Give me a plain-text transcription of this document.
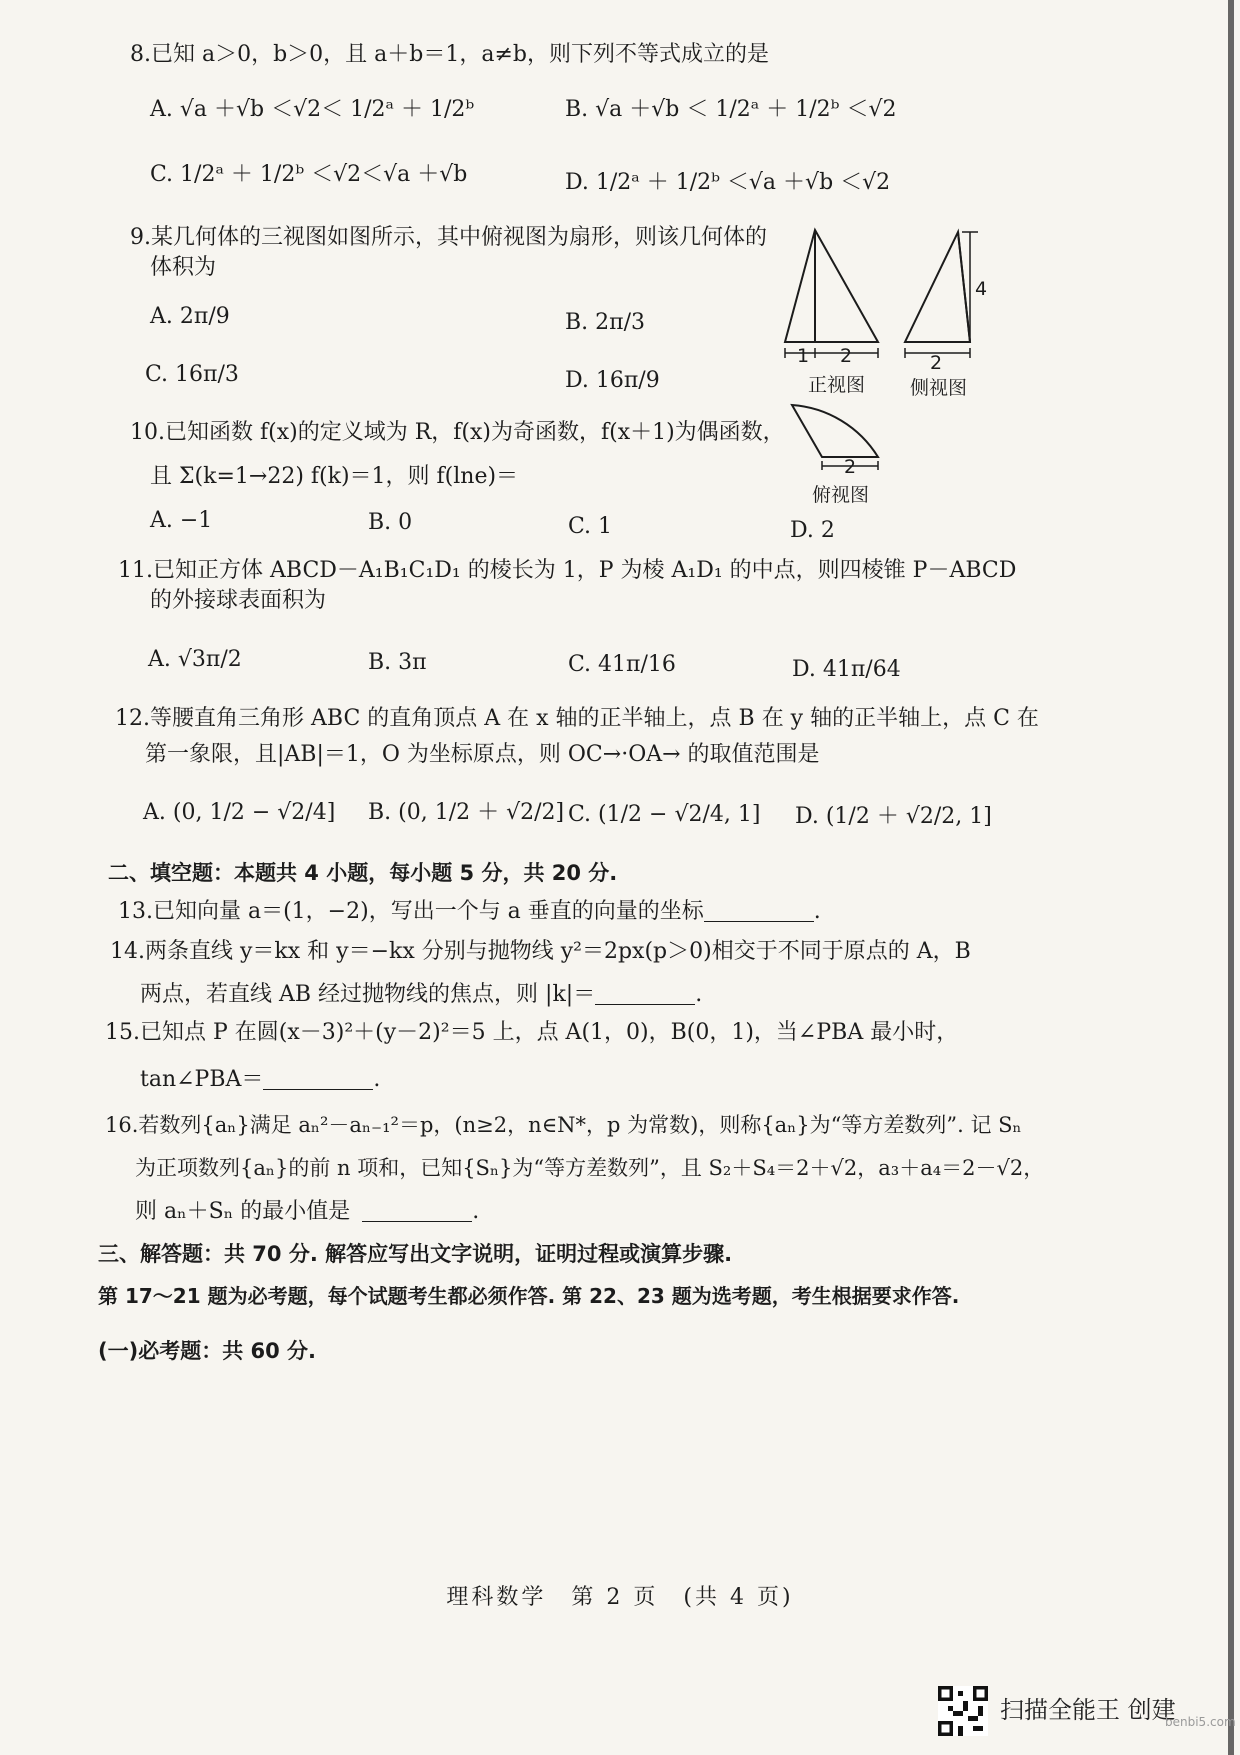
8.已知 a＞0，b＞0，且 a＋b＝1，a≠b，则下列不等式成立的是
A. √a ＋√b ＜√2＜ 1/2ᵃ ＋ 1/2ᵇ	B. √a ＋√b ＜ 1/2ᵃ ＋ 1/2ᵇ ＜√2
C. 1/2ᵃ ＋ 1/2ᵇ ＜√2＜√a ＋√b	D. 1/2ᵃ ＋ 1/2ᵇ ＜√a ＋√b ＜√2
9.某几何体的三视图如图所示，其中俯视图为扇形，则该几何体的
体积为
A. 2π/9	B. 2π/3
C. 16π/3	D. 16π/9
1 2	2
4
正视图 侧视图
2
俯视图
10.已知函数 f(x)的定义域为 R，f(x)为奇函数，f(x＋1)为偶函数，
且 Σ(k=1→22) f(k)＝1，则 f(lne)＝
A. −1	B. 0	C. 1	D. 2
11.已知正方体 ABCD－A₁B₁C₁D₁ 的棱长为 1，P 为棱 A₁D₁ 的中点，则四棱锥 P－ABCD
的外接球表面积为
A. √3π/2	B. 3π	C. 41π/16	D. 41π/64
12.等腰直角三角形 ABC 的直角顶点 A 在 x 轴的正半轴上，点 B 在 y 轴的正半轴上，点 C 在
第一象限，且|AB|＝1，O 为坐标原点，则 OC→·OA→ 的取值范围是
A. (0, 1/2 − √2/4] B. (0, 1/2 ＋ √2/2] C. (1/2 − √2/4, 1] D. (1/2 ＋ √2/2, 1]
二、填空题：本题共 4 小题，每小题 5 分，共 20 分.
13.已知向量 a＝(1，−2)，写出一个与 a 垂直的向量的坐标	.
14.两条直线 y＝kx 和 y＝−kx 分别与抛物线 y²＝2px(p＞0)相交于不同于原点的 A，B
两点，若直线 AB 经过抛物线的焦点，则 |k|＝	.
15.已知点 P 在圆(x－3)²＋(y－2)²＝5 上，点 A(1，0)，B(0，1)，当∠PBA 最小时，
tan∠PBA＝	.
16.若数列{aₙ}满足 aₙ²－aₙ₋₁²＝p，(n≥2，n∈N*，p 为常数)，则称{aₙ}为“等方差数列”. 记 Sₙ
为正项数列{aₙ}的前 n 项和，已知{Sₙ}为“等方差数列”，且 S₂＋S₄＝2＋√2，a₃＋a₄＝2－√2，
则 aₙ＋Sₙ 的最小值是	.
三、解答题：共 70 分. 解答应写出文字说明，证明过程或演算步骤.
第 17～21 题为必考题，每个试题考生都必须作答. 第 22、23 题为选考题，考生根据要求作答.
(一)必考题：共 60 分.
理科数学　第 2 页　(共 4 页)
扫描全能王 创建
benbi5.com
